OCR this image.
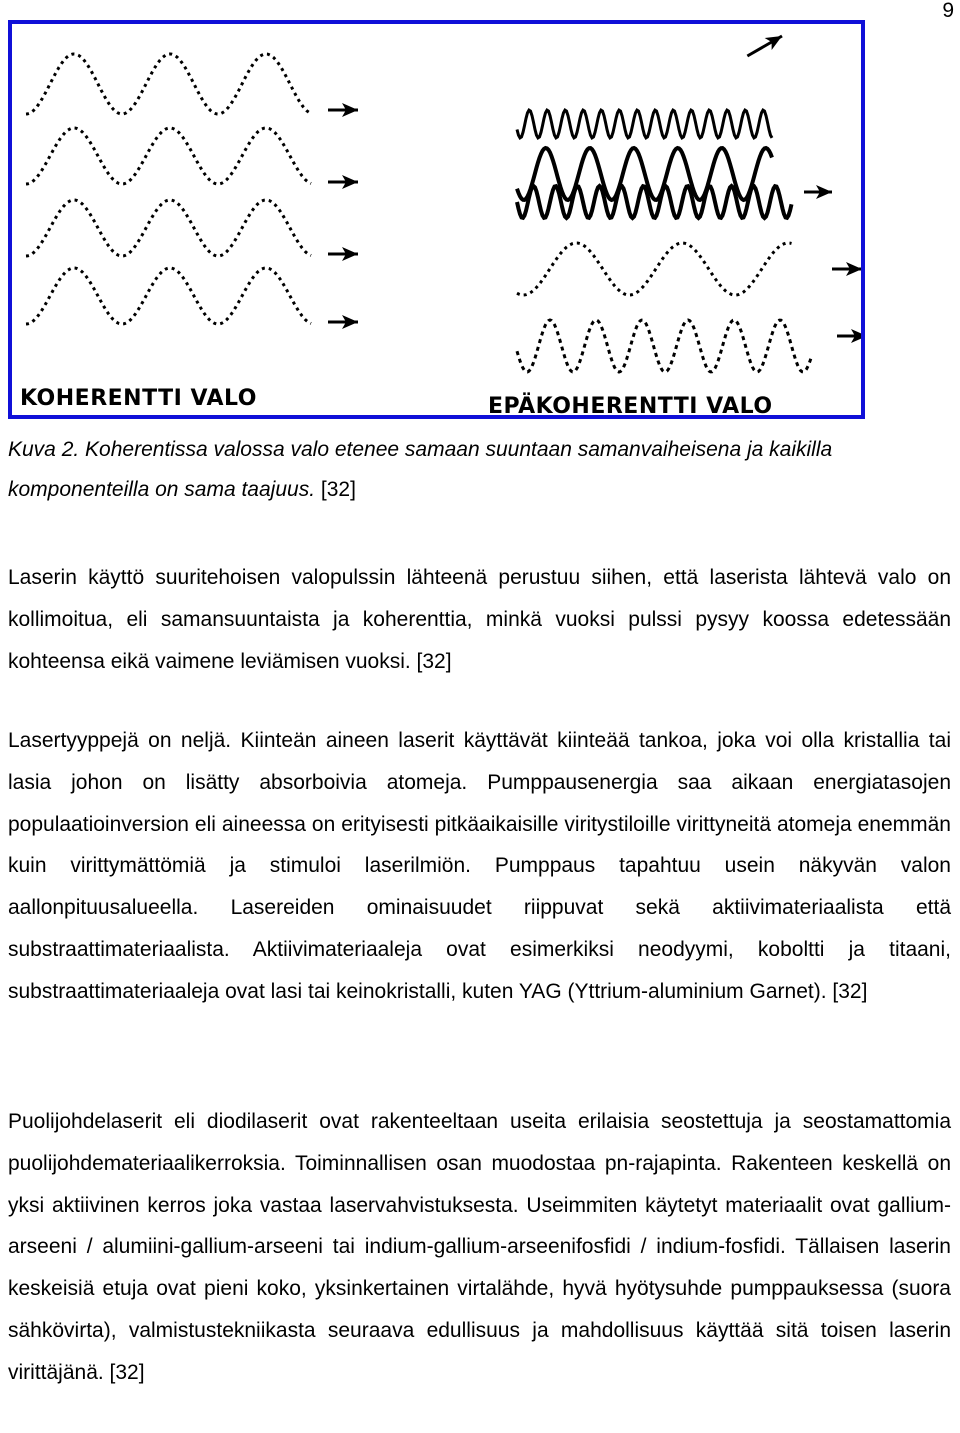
9
KOHERENTTI VALO	EPÄKOHERENTTI VALO

Kuva 2. Koherentissa valossa valo etenee samaan suuntaan samanvaiheisena ja kaikilla komponenteilla on sama taajuus. [32]

Laserin käyttö suuritehoisen valopulssin lähteenä perustuu siihen, että laserista lähtevä valo on kollimoitua, eli samansuuntaista ja koherenttia, minkä vuoksi pulssi pysyy koossa edetessään kohteensa eikä vaimene leviämisen vuoksi. [32]

Lasertyyppejä on neljä. Kiinteän aineen laserit käyttävät kiinteää tankoa, joka voi olla kristallia tai lasia johon on lisätty absorboivia atomeja. Pumppausenergia saa aikaan energiatasojen populaatioinversion eli aineessa on erityisesti pitkäaikaisille viritystiloille virittyneitä atomeja enemmän kuin virittymättömiä ja stimuloi laserilmiön. Pumppaus tapahtuu usein näkyvän valon aallonpituusalueella. Lasereiden ominaisuudet riippuvat sekä aktiivimateriaalista että substraattimateriaalista. Aktiivimateriaaleja ovat esimerkiksi neodyymi, koboltti ja titaani, substraattimateriaaleja ovat lasi tai keinokristalli, kuten YAG (Yttrium-aluminium Garnet). [32]

Puolijohdelaserit eli diodilaserit ovat rakenteeltaan useita erilaisia seostettuja ja seostamattomia puolijohdemateriaalikerroksia. Toiminnallisen osan muodostaa pn-rajapinta. Rakenteen keskellä on yksi aktiivinen kerros joka vastaa laservahvistuksesta. Useimmiten käytetyt materiaalit ovat gallium-arseeni / alumiini-gallium-arseeni tai indium-gallium-arseenifosfidi / indium-fosfidi. Tällaisen laserin keskeisiä etuja ovat pieni koko, yksinkertainen virtalähde, hyvä hyötysuhde pumppauksessa (suora sähkövirta), valmistustekniikasta seuraava edullisuus ja mahdollisuus käyttää sitä toisen laserin virittäjänä. [32]
